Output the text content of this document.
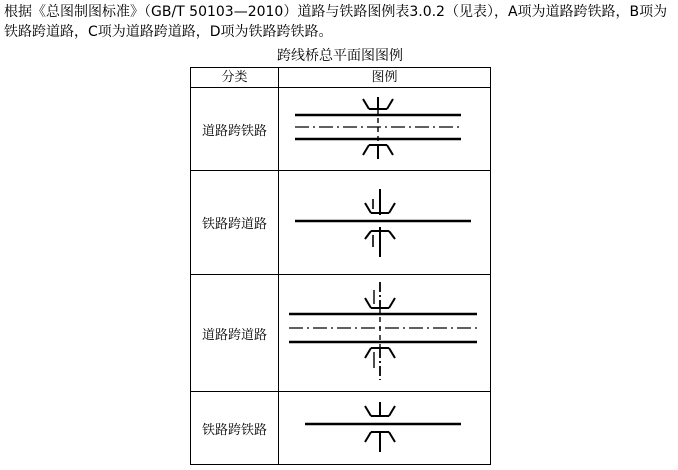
根据《总图制图标准》（GB/T 50103—2010）道路与铁路图例表3.0.2（见表），A项为道路跨铁路，B项为铁路跨道路，C项为道路跨道路，D项为铁路跨铁路。

跨线桥总平面图图例
分类	图例
道路跨铁路	

铁路跨道路	

道路跨道路	

铁路跨铁路	
